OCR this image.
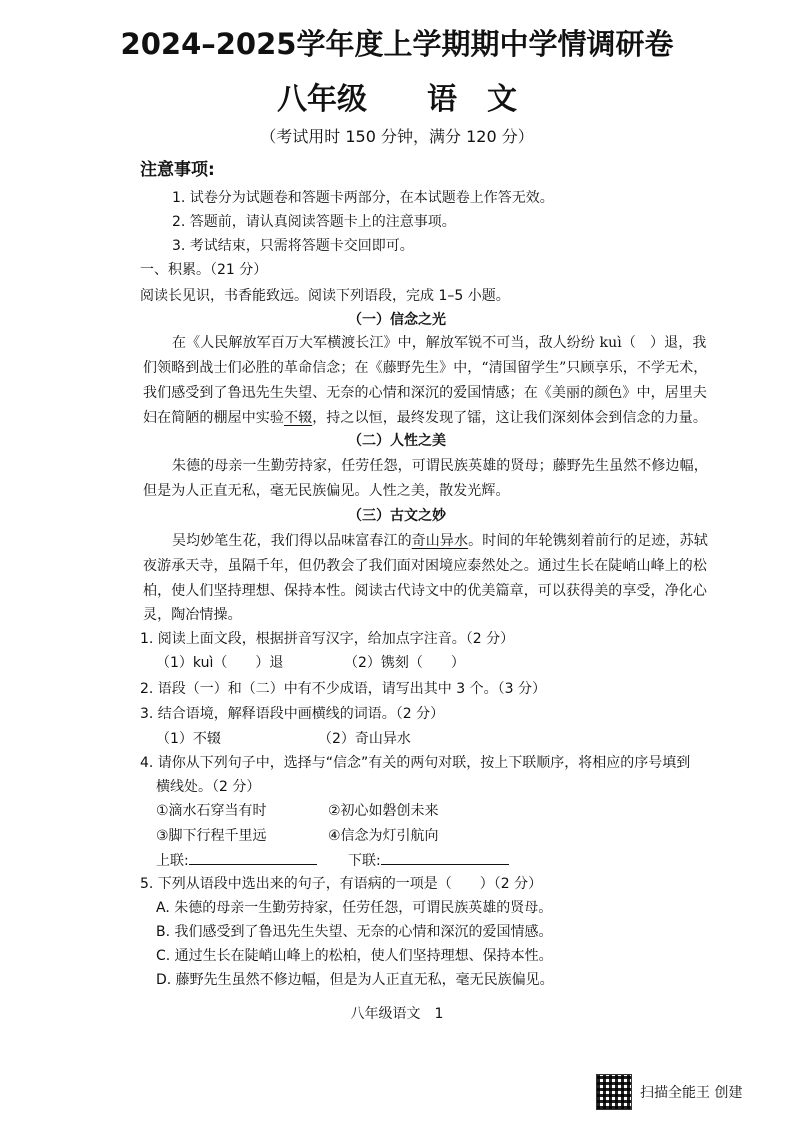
2024–2025学年度上学期期中学情调研卷
八年级　　语　文
（考试用时 150 分钟，满分 120 分）
注意事项:
1. 试卷分为试题卷和答题卡两部分，在本试题卷上作答无效。
2. 答题前，请认真阅读答题卡上的注意事项。
3. 考试结束，只需将答题卡交回即可。
一、积累。（21 分）
阅读长见识，书香能致远。阅读下列语段，完成 1–5 小题。
（一）信念之光
在《人民解放军百万大军横渡长江》中，解放军锐不可当，敌人纷纷 kuì（　）退，我
们领略到战士们必胜的革命信念；在《藤野先生》中，“清国留学生”只顾享乐，不学无术，
我们感受到了鲁迅先生失望、无奈的心情和深沉的爱国情感；在《美丽的颜色》中，居里夫
妇在简陋的棚屋中实验不辍，持之以恒，最终发现了镭，这让我们深刻体会到信念的力量。
（二）人性之美
朱德的母亲一生勤劳持家，任劳任怨，可谓民族英雄的贤母；藤野先生虽然不修边幅，
但是为人正直无私，毫无民族偏见。人性之美，散发光辉。
（三）古文之妙
吴均妙笔生花，我们得以品味富春江的奇山异水。时间的年轮镌刻着前行的足迹，苏轼
夜游承天寺，虽隔千年，但仍教会了我们面对困境应泰然处之。通过生长在陡峭山峰上的松
柏，使人们坚持理想、保持本性。阅读古代诗文中的优美篇章，可以获得美的享受，净化心
灵，陶冶情操。
1. 阅读上面文段，根据拼音写汉字，给加点字注音。（2 分）
（1）kuì（　　）退	（2）镌刻（　　）
2. 语段（一）和（二）中有不少成语，请写出其中 3 个。（3 分）
3. 结合语境，解释语段中画横线的词语。（2 分）
（1）不辍	（2）奇山异水
4. 请你从下列句子中，选择与“信念”有关的两句对联，按上下联顺序，将相应的序号填到
横线处。（2 分）
①滴水石穿当有时	②初心如磐创未来
③脚下行程千里远	④信念为灯引航向
上联:	下联:
5. 下列从语段中选出来的句子，有语病的一项是（　　）（2 分）
A. 朱德的母亲一生勤劳持家，任劳任怨，可谓民族英雄的贤母。
B. 我们感受到了鲁迅先生失望、无奈的心情和深沉的爱国情感。
C. 通过生长在陡峭山峰上的松柏，使人们坚持理想、保持本性。
D. 藤野先生虽然不修边幅，但是为人正直无私，毫无民族偏见。
八年级语文　1
扫描全能王 创建
